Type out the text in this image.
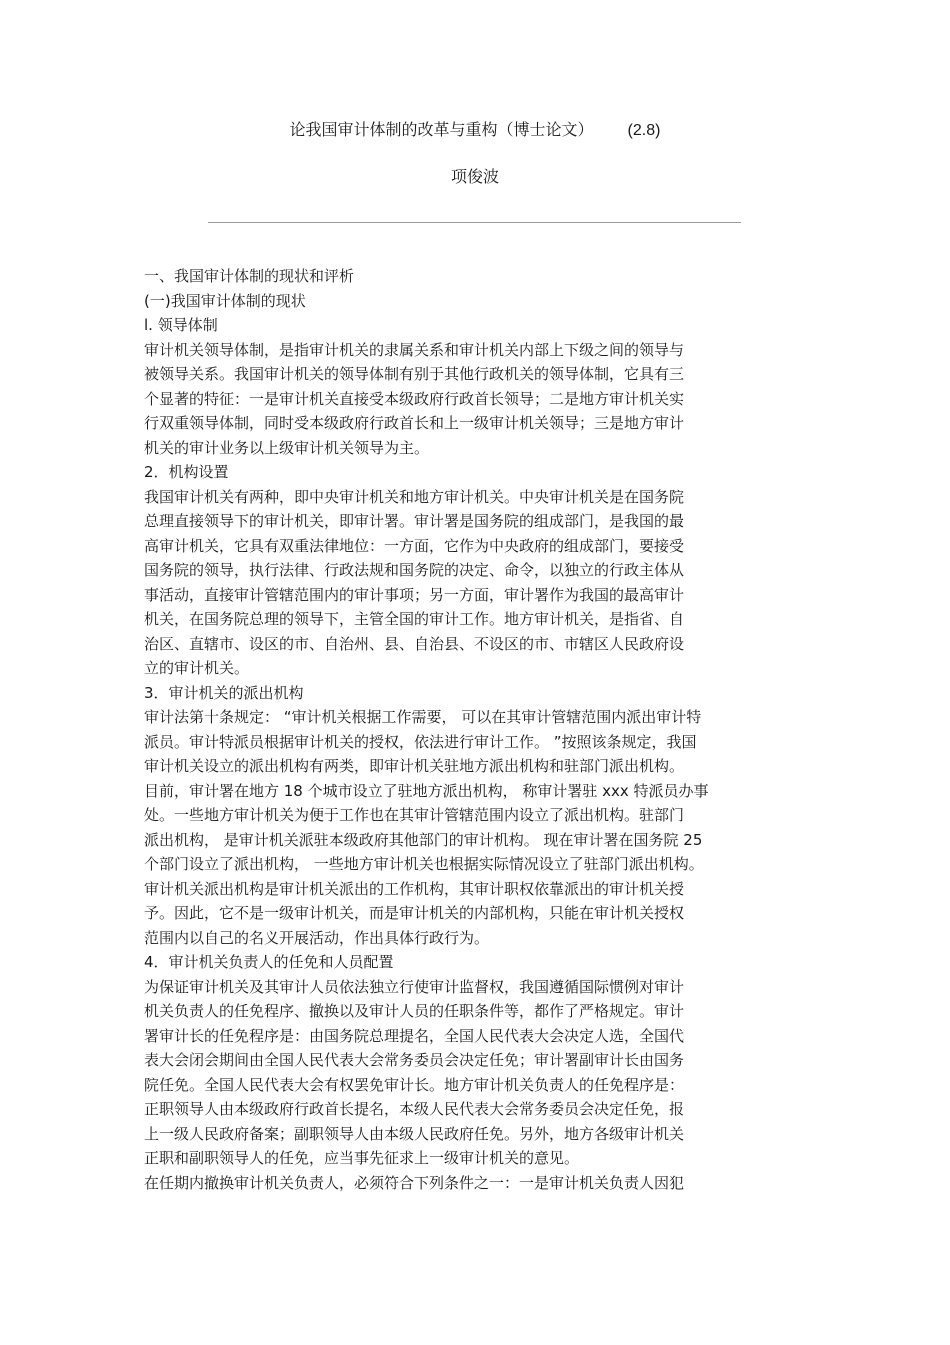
论我国审计体制的改革与重构（博士论文） (2.8)
项俊波
一、我国审计体制的现状和评析
(一)我国审计体制的现状
l. 领导体制
审计机关领导体制，是指审计机关的隶属关系和审计机关内部上下级之间的领导与
被领导关系。我国审计机关的领导体制有别于其他行政机关的领导体制，它具有三
个显著的特征：一是审计机关直接受本级政府行政首长领导；二是地方审计机关实
行双重领导体制，同时受本级政府行政首长和上一级审计机关领导；三是地方审计
机关的审计业务以上级审计机关领导为主。
2．机构设置
我国审计机关有两种，即中央审计机关和地方审计机关。中央审计机关是在国务院
总理直接领导下的审计机关，即审计署。审计署是国务院的组成部门，是我国的最
高审计机关，它具有双重法律地位：一方面，它作为中央政府的组成部门，要接受
国务院的领导，执行法律、行政法规和国务院的决定、命令，以独立的行政主体从
事活动，直接审计管辖范围内的审计事项；另一方面，审计署作为我国的最高审计
机关，在国务院总理的领导下，主管全国的审计工作。地方审计机关，是指省、自
治区、直辖市、设区的市、自治州、县、自治县、不设区的市、市辖区人民政府设
立的审计机关。
3．审计机关的派出机构
审计法第十条规定： “审计机关根据工作需要， 可以在其审计管辖范围内派出审计特
派员。审计特派员根据审计机关的授权，依法进行审计工作。 ”按照该条规定，我国
审计机关设立的派出机构有两类，即审计机关驻地方派出机构和驻部门派出机构。
目前，审计署在地方 18 个城市设立了驻地方派出机构， 称审计署驻 xxx 特派员办事
处。一些地方审计机关为便于工作也在其审计管辖范围内设立了派出机构。驻部门
派出机构， 是审计机关派驻本级政府其他部门的审计机构。 现在审计署在国务院 25
个部门设立了派出机构， 一些地方审计机关也根据实际情况设立了驻部门派出机构。
审计机关派出机构是审计机关派出的工作机构，其审计职权依靠派出的审计机关授
予。因此，它不是一级审计机关，而是审计机关的内部机构，只能在审计机关授权
范围内以自己的名义开展活动，作出具体行政行为。
4．审计机关负责人的任免和人员配置
为保证审计机关及其审计人员依法独立行使审计监督权，我国遵循国际惯例对审计
机关负责人的任免程序、撤换以及审计人员的任职条件等，都作了严格规定。审计
署审计长的任免程序是：由国务院总理提名，全国人民代表大会决定人选，全国代
表大会闭会期间由全国人民代表大会常务委员会决定任免；审计署副审计长由国务
院任免。全国人民代表大会有权罢免审计长。地方审计机关负责人的任免程序是：
正职领导人由本级政府行政首长提名，本级人民代表大会常务委员会决定任免，报
上一级人民政府备案；副职领导人由本级人民政府任免。另外，地方各级审计机关
正职和副职领导人的任免，应当事先征求上一级审计机关的意见。
在任期内撤换审计机关负责人，必须符合下列条件之一：一是审计机关负责人因犯
